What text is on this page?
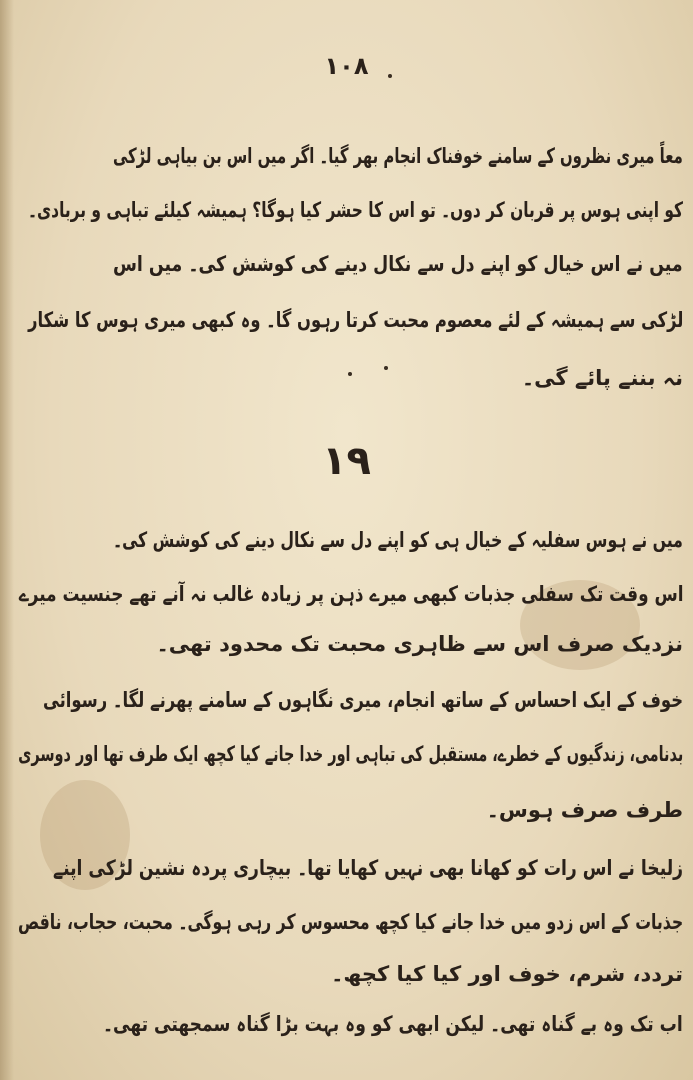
۱۰۸
معاً میری نظروں کے سامنے خوفناک انجام بھر گیا۔ اگر میں اس بن بیاہی لڑکی
کو اپنی ہوس پر قربان کر دوں۔ تو اس کا حشر کیا ہوگا؟ ہمیشہ کیلئے تباہی و بربادی۔
میں نے اس خیال کو اپنے دل سے نکال دینے کی کوشش کی۔ میں اس
لڑکی سے ہمیشہ کے لئے معصوم محبت کرتا رہوں گا۔ وہ کبھی میری ہوس کا شکار
نہ بننے پائے گی۔
۱۹
میں نے ہوس سفلیہ کے خیال ہی کو اپنے دل سے نکال دینے کی کوشش کی۔
اس وقت تک سفلی جذبات کبھی میرے ذہن پر زیادہ غالب نہ آنے تھے جنسیت میرے
نزدیک صرف اس سے ظاہری محبت تک محدود تھی۔
خوف کے ایک احساس کے ساتھ انجام، میری نگاہوں کے سامنے پھرنے لگا۔ رسوائی
بدنامی، زندگیوں کے خطرے، مستقبل کی تباہی اور خدا جانے کیا کچھ ایک طرف تھا اور دوسری
طرف صرف ہوس۔
زلیخا نے اس رات کو کھانا بھی نہیں کھایا تھا۔ بیچاری پردہ نشین لڑکی اپنے
جذبات کے اس زدو میں خدا جانے کیا کچھ محسوس کر رہی ہوگی۔ محبت، حجاب، ناقص
تردد، شرم، خوف اور کیا کیا کچھ۔
اب تک وہ بے گناہ تھی۔ لیکن ابھی کو وہ بہت بڑا گناہ سمجھتی تھی۔
